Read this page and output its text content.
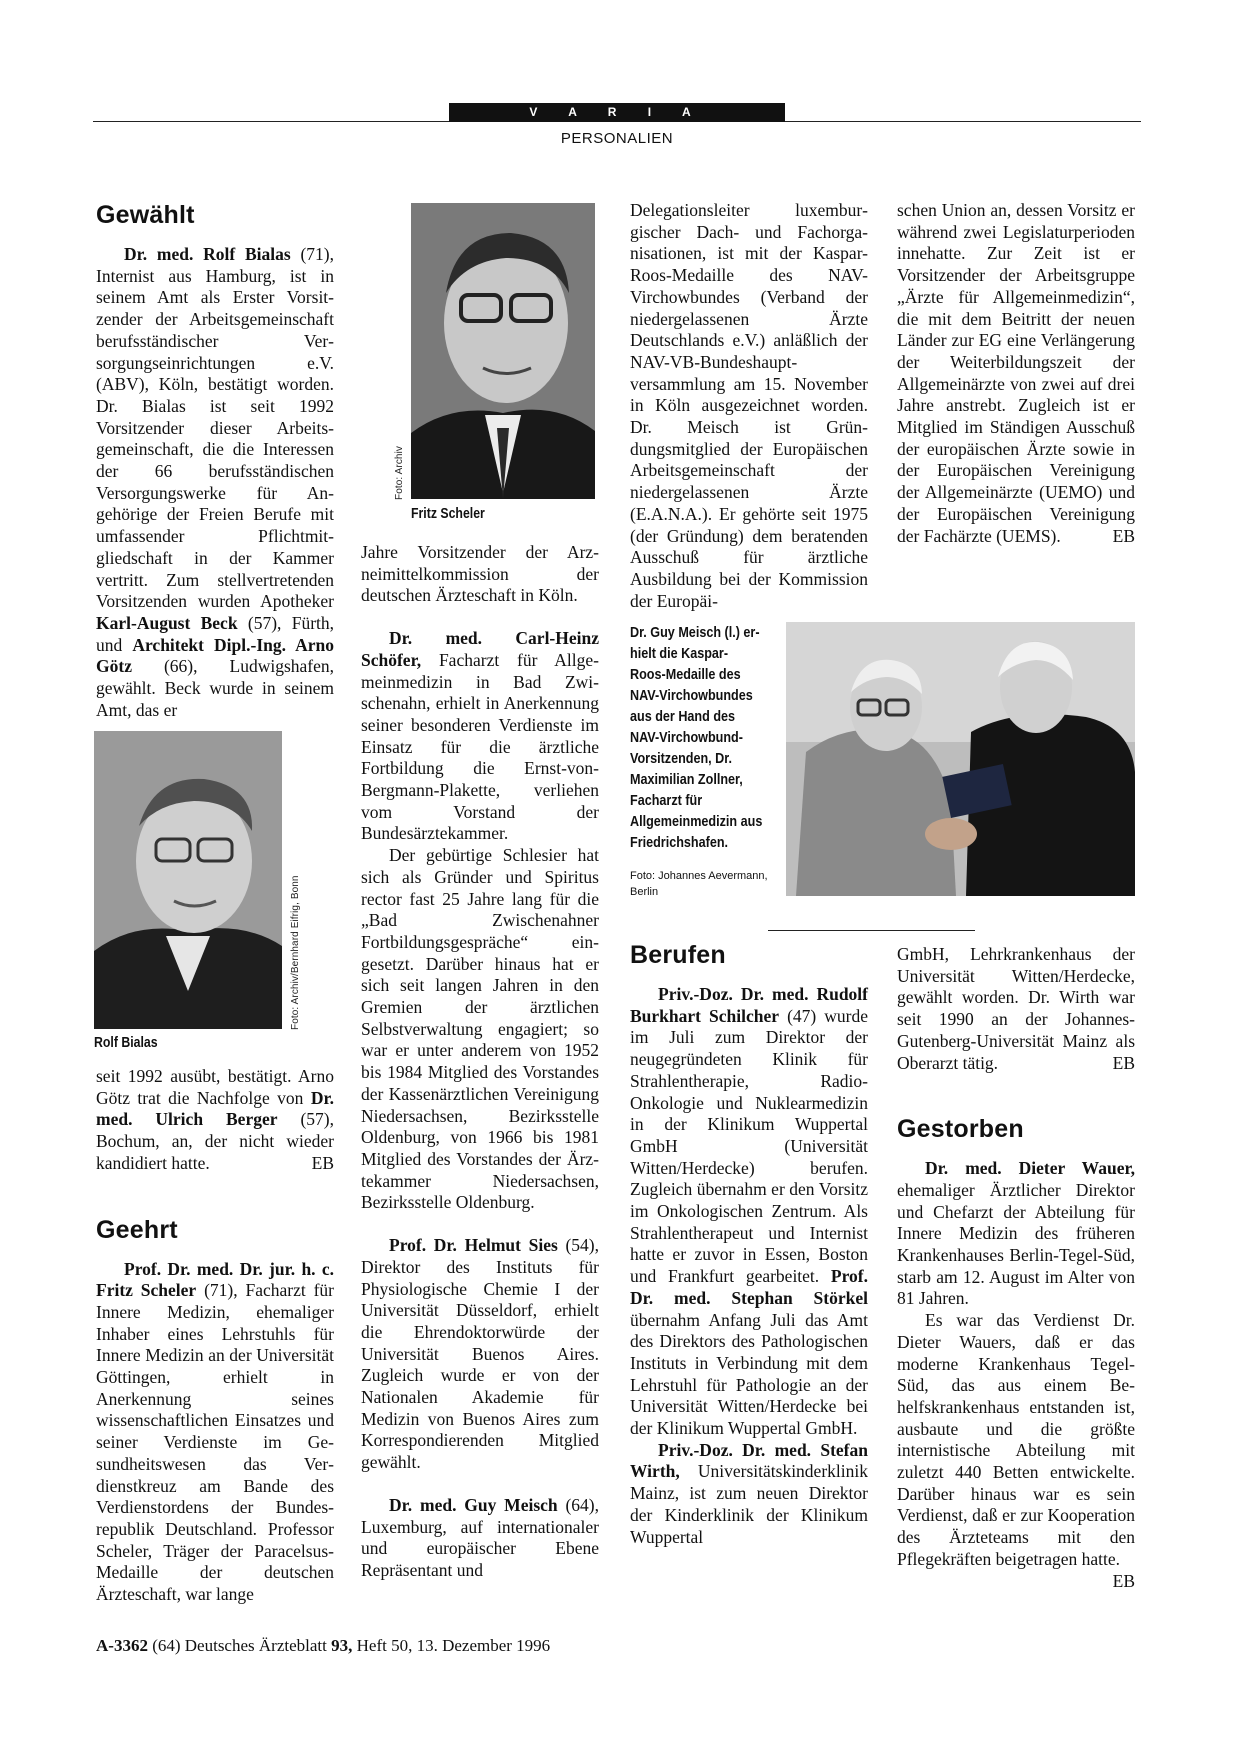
V A R I A
PERSONALIEN
Gewählt

Dr. med. Rolf Bialas (71), Internist aus Hamburg, ist in seinem Amt als Erster Vorsitzender der Arbeitsgemeinschaft berufsständischer Versorgungseinrichtungen e.V. (ABV), Köln, bestätigt worden. Dr. Bialas ist seit 1992 Vorsitzender dieser Arbeitsgemeinschaft, die die Interessen der 66 berufsständischen Versorgungswerke für Angehörige der Freien Berufe mit umfassender Pflichtmitgliedschaft in der Kammer vertritt. Zum stellvertretenden Vorsitzenden wurden Apotheker Karl-August Beck (57), Fürth, und Architekt Dipl.-Ing. Arno Götz (66), Ludwigshafen, gewählt. Beck wurde in seinem Amt, das er

Foto: Archiv/Bernhard Eifrig, Bonn
Rolf Bialas

seit 1992 ausübt, bestätigt. Arno Götz trat die Nachfolge von Dr. med. Ulrich Berger (57), Bochum, an, der nicht wieder kandidiert hatte.	EB

Geehrt

Prof. Dr. med. Dr. jur. h. c. Fritz Scheler (71), Facharzt für Innere Medizin, ehemaliger Inhaber eines Lehrstuhls für Innere Medizin an der Universität Göttingen, erhielt in Anerkennung seines wissenschaftlichen Einsatzes und seiner Verdienste im Gesundheitswesen das Verdienstkreuz am Bande des Verdienstordens der Bundesrepublik Deutschland. Professor Scheler, Träger der Paracelsus-Medaille der deutschen Ärzteschaft, war lange

Foto: Archiv
Fritz Scheler

Jahre Vorsitzender der Arzneimittelkommission der deutschen Ärzteschaft in Köln.

Dr. med. Carl-Heinz Schöfer, Facharzt für Allgemeinmedizin in Bad Zwischenahn, erhielt in Anerkennung seiner besonderen Verdienste im Einsatz für die ärztliche Fortbildung die Ernst-von-Bergmann-Plakette, verliehen vom Vorstand der Bundesärztekammer.

Der gebürtige Schlesier hat sich als Gründer und Spiritus rector fast 25 Jahre lang für die „Bad Zwischenahner Fortbildungsgespräche“ eingesetzt. Darüber hinaus hat er sich seit langen Jahren in den Gremien der ärztlichen Selbstverwaltung engagiert; so war er unter anderem von 1952 bis 1984 Mitglied des Vorstandes der Kassenärztlichen Vereinigung Niedersachsen, Bezirksstelle Oldenburg, von 1966 bis 1981 Mitglied des Vorstandes der Ärztekammer Niedersachsen, Bezirksstelle Oldenburg.

Prof. Dr. Helmut Sies (54), Direktor des Instituts für Physiologische Chemie I der Universität Düsseldorf, erhielt die Ehrendoktorwürde der Universität Buenos Aires. Zugleich wurde er von der Nationalen Akademie für Medizin von Buenos Aires zum Korrespondierenden Mitglied gewählt.

Dr. med. Guy Meisch (64), Luxemburg, auf internationaler und europäischer Ebene Repräsentant und

Delegationsleiter luxemburgischer Dach- und Fachorganisationen, ist mit der Kaspar-Roos-Medaille des NAV-Virchowbundes (Verband der niedergelassenen Ärzte Deutschlands e.V.) anläßlich der NAV-VB-Bundeshauptversammlung am 15. November in Köln ausgezeichnet worden. Dr. Meisch ist Gründungsmitglied der Europäischen Arbeitsgemeinschaft der niedergelassenen Ärzte (E.A.N.A.). Er gehörte seit 1975 (der Gründung) dem beratenden Ausschuß für ärztliche Ausbildung bei der Kommission der Europäi-

Dr. Guy Meisch (l.) erhielt die Kaspar-Roos-Medaille des NAV-Virchowbundes aus der Hand des NAV-Virchowbund-Vorsitzenden, Dr. Maximilian Zollner, Facharzt für Allgemeinmedizin aus Friedrichshafen.
Foto: Johannes Aevermann, Berlin
Berufen

Priv.-Doz. Dr. med. Rudolf Burkhart Schilcher (47) wurde im Juli zum Direktor der neugegründeten Klinik für Strahlentherapie, Radio-Onkologie und Nuklearmedizin in der Klinikum Wuppertal GmbH (Universität Witten/Herdecke) berufen. Zugleich übernahm er den Vorsitz im Onkologischen Zentrum. Als Strahlentherapeut und Internist hatte er zuvor in Essen, Boston und Frankfurt gearbeitet. Prof. Dr. med. Stephan Störkel übernahm Anfang Juli das Amt des Direktors des Pathologischen Instituts in Verbindung mit dem Lehrstuhl für Pathologie an der Universität Witten/Herdecke bei der Klinikum Wuppertal GmbH.

Priv.-Doz. Dr. med. Stefan Wirth, Universitätskinderklinik Mainz, ist zum neuen Direktor der Kinderklinik der Klinikum Wuppertal

schen Union an, dessen Vorsitz er während zwei Legislaturperioden innehatte. Zur Zeit ist er Vorsitzender der Arbeitsgruppe „Ärzte für Allgemeinmedizin“, die mit dem Beitritt der neuen Länder zur EG eine Verlängerung der Weiterbildungszeit der Allgemeinärzte von zwei auf drei Jahre anstrebt. Zugleich ist er Mitglied im Ständigen Ausschuß der europäischen Ärzte sowie in der Europäischen Vereinigung der Allgemeinärzte (UEMO) und der Europäischen Vereinigung der Fachärzte (UEMS).	EB

GmbH, Lehrkrankenhaus der Universität Witten/Herdecke, gewählt worden. Dr. Wirth war seit 1990 an der Johannes-Gutenberg-Universität Mainz als Oberarzt tätig.	EB

Gestorben

Dr. med. Dieter Wauer, ehemaliger Ärztlicher Direktor und Chefarzt der Abteilung für Innere Medizin des früheren Krankenhauses Berlin-Tegel-Süd, starb am 12. August im Alter von 81 Jahren.

Es war das Verdienst Dr. Dieter Wauers, daß er das moderne Krankenhaus Tegel-Süd, das aus einem Behelfskrankenhaus entstanden ist, ausbaute und die größte internistische Abteilung mit zuletzt 440 Betten entwickelte. Darüber hinaus war es sein Verdienst, daß er zur Kooperation des Ärzteteams mit den Pflegekräften beigetragen hatte.
EB

A-3362 (64) Deutsches Ärzteblatt 93, Heft 50, 13. Dezember 1996
